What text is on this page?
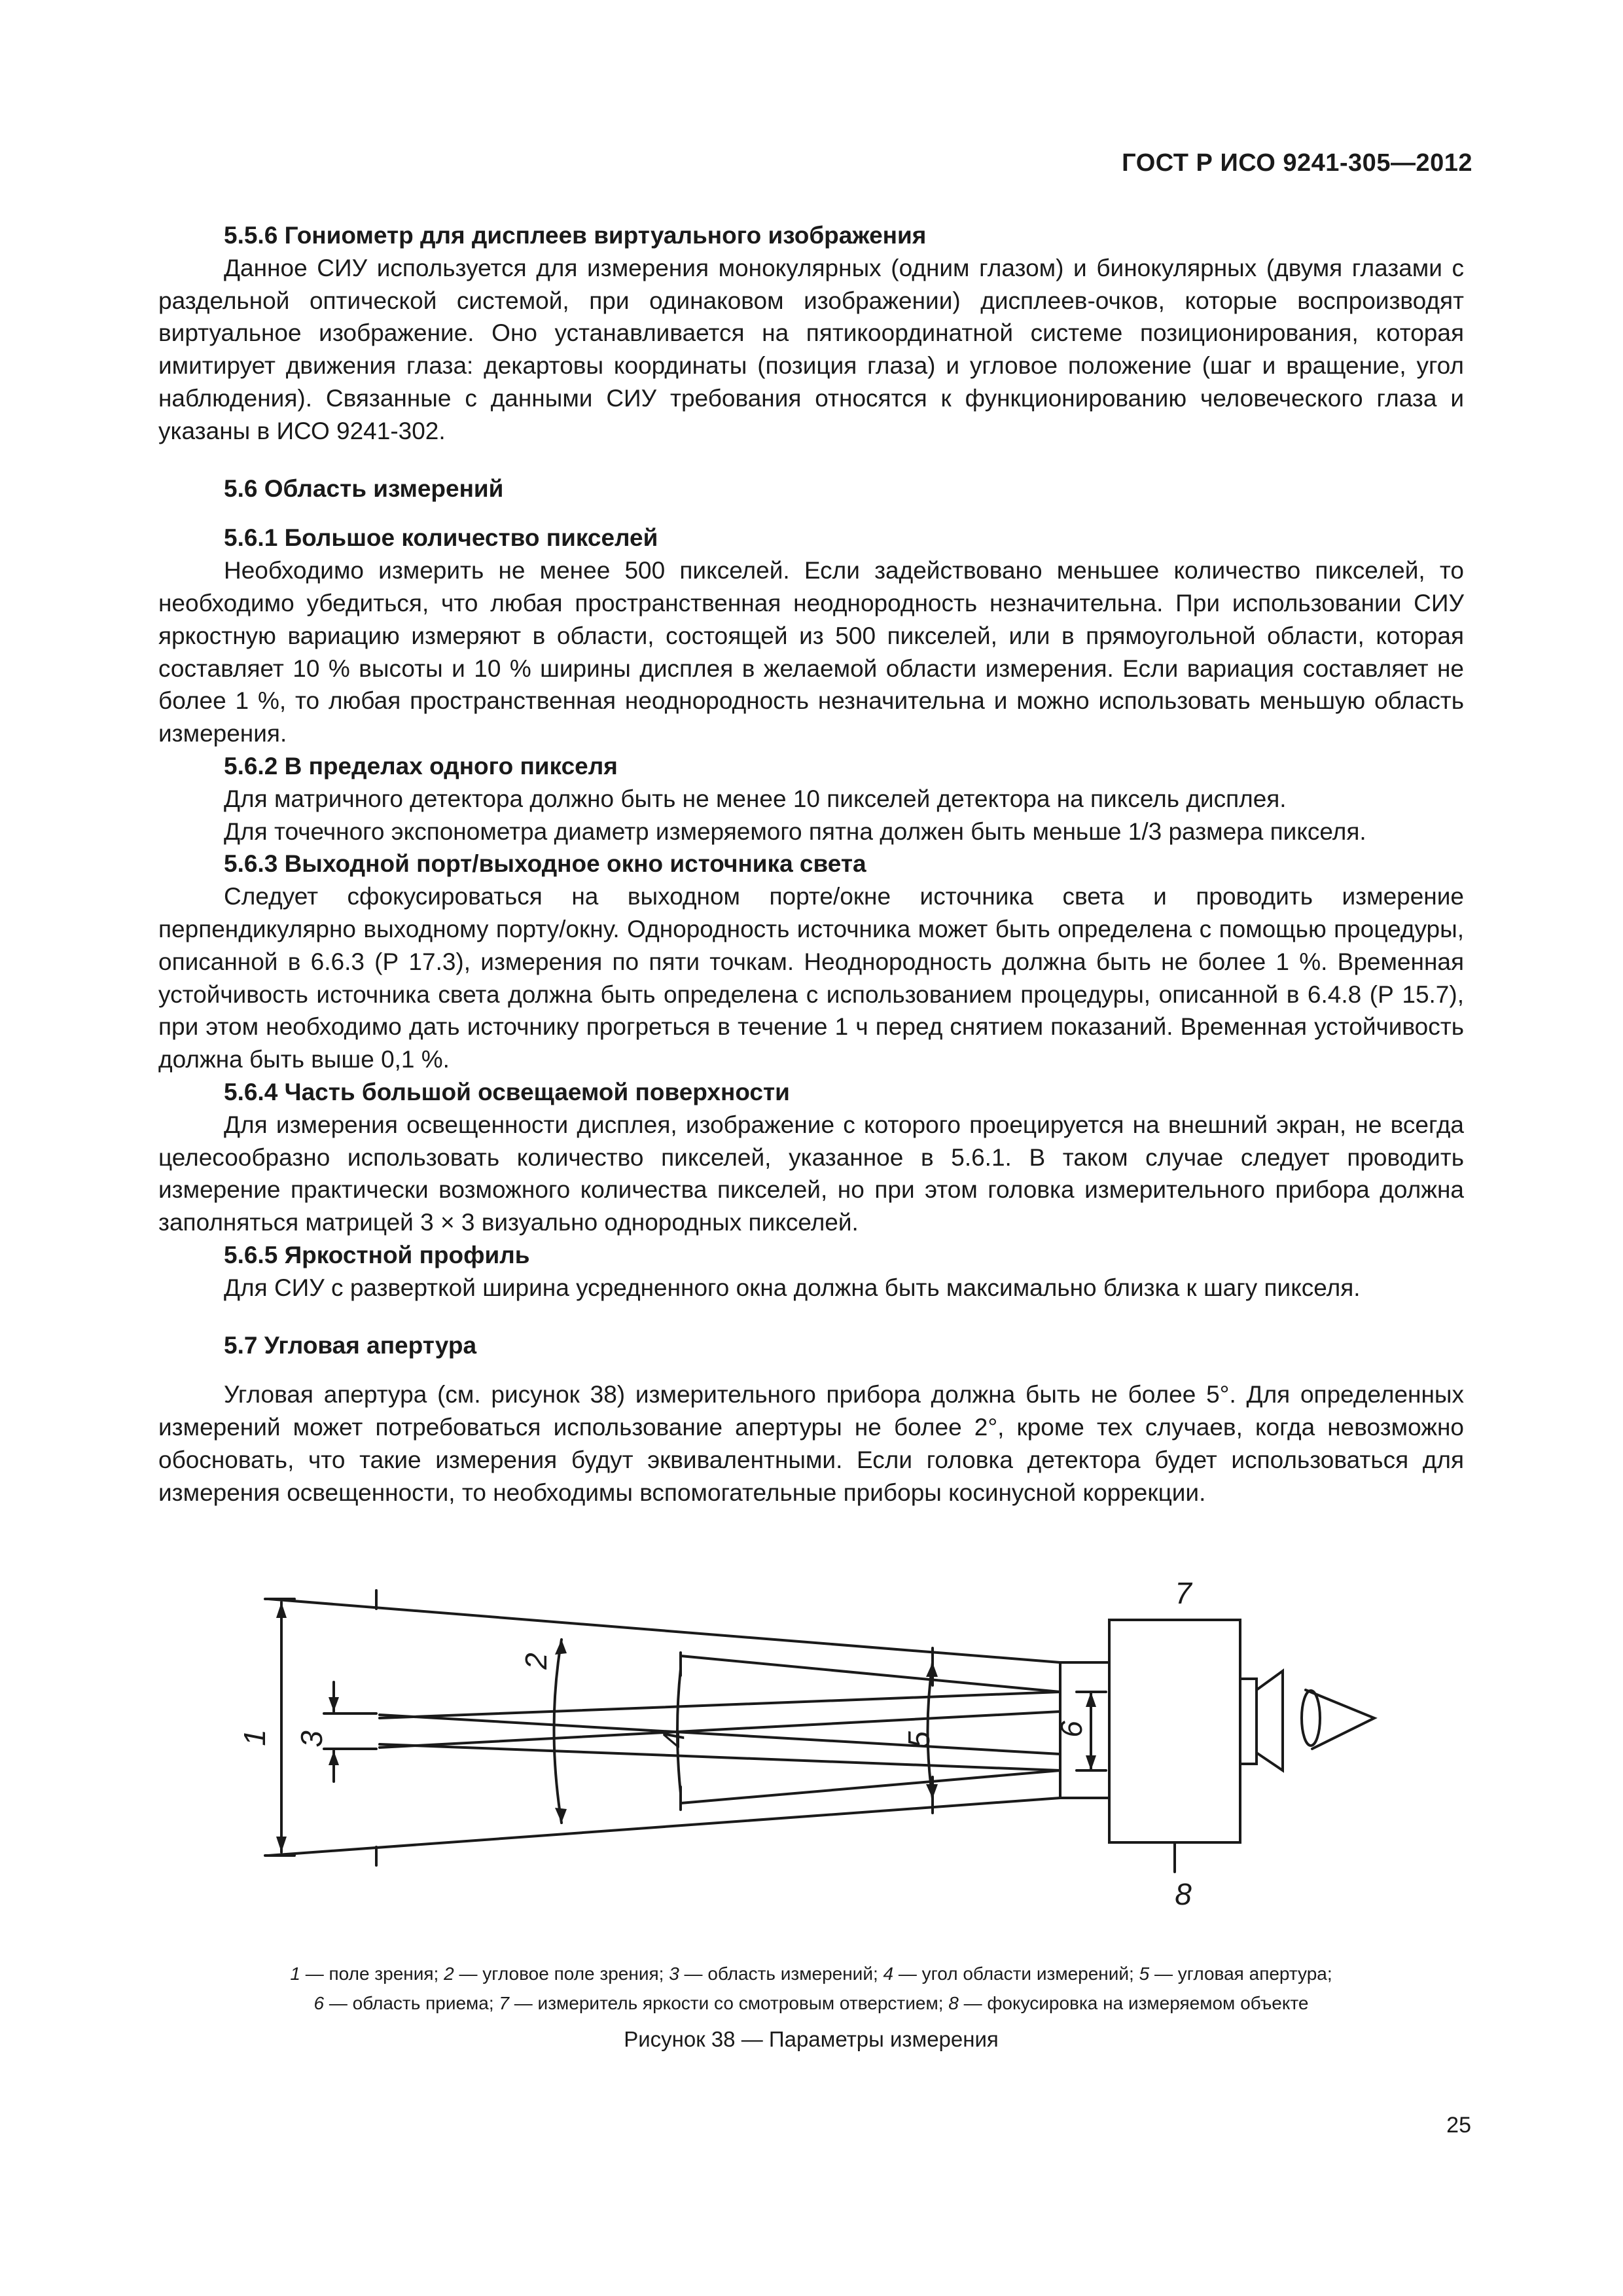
ГОСТ Р ИСО 9241-305—2012

5.5.6 Гониометр для дисплеев виртуального изображения

Данное СИУ используется для измерения монокулярных (одним глазом) и бинокулярных (двумя глазами с раздельной оптической системой, при одинаковом изображении) дисплеев-очков, которые воспроизводят виртуальное изображение. Оно устанавливается на пятикоординатной системе позиционирования, которая имитирует движения глаза: декартовы координаты (позиция глаза) и угловое положение (шаг и вращение, угол наблюдения). Связанные с данными СИУ требования относятся к функционированию человеческого глаза и указаны в ИСО 9241-302.

5.6 Область измерений

5.6.1 Большое количество пикселей

Необходимо измерить не менее 500 пикселей. Если задействовано меньшее количество пикселей, то необходимо убедиться, что любая пространственная неоднородность незначительна. При использовании СИУ яркостную вариацию измеряют в области, состоящей из 500 пикселей, или в прямоугольной области, которая составляет 10 % высоты и 10 % ширины дисплея в желаемой области измерения. Если вариация составляет не более 1 %, то любая пространственная неоднородность незначительна и можно использовать меньшую область измерения.

5.6.2 В пределах одного пикселя

Для матричного детектора должно быть не менее 10 пикселей детектора на пиксель дисплея.

Для точечного экспонометра диаметр измеряемого пятна должен быть меньше 1/3 размера пикселя.

5.6.3 Выходной порт/выходное окно источника света

Следует сфокусироваться на выходном порте/окне источника света и проводить измерение перпендикулярно выходному порту/окну. Однородность источника может быть определена с помощью процедуры, описанной в 6.6.3 (Р 17.3), измерения по пяти точкам. Неоднородность должна быть не более 1 %. Временная устойчивость источника света должна быть определена с использованием процедуры, описанной в 6.4.8 (Р 15.7), при этом необходимо дать источнику прогреться в течение 1 ч перед снятием показаний. Временная устойчивость должна быть выше 0,1 %.

5.6.4 Часть большой освещаемой поверхности

Для измерения освещенности дисплея, изображение с которого проецируется на внешний экран, не всегда целесообразно использовать количество пикселей, указанное в 5.6.1. В таком случае следует проводить измерение практически возможного количества пикселей, но при этом головка измерительного прибора должна заполняться матрицей 3 × 3 визуально однородных пикселей.

5.6.5 Яркостной профиль

Для СИУ с разверткой ширина усредненного окна должна быть максимально близка к шагу пикселя.

5.7 Угловая апертура

Угловая апертура (см. рисунок 38) измерительного прибора должна быть не более 5°. Для определенных измерений может потребоваться использование апертуры не более 2°, кроме тех случаев, когда невозможно обосновать, что такие измерения будут эквивалентными. Если головка детектора будет использоваться для измерения освещенности, то необходимы вспомогательные приборы косинусной коррекции.

1
2
3	4	5
6
7
8
1 — поле зрения; 2 — угловое поле зрения; 3 — область измерений; 4 — угол области измерений; 5 — угловая апертура;
6 — область приема; 7 — измеритель яркости со смотровым отверстием; 8 — фокусировка на измеряемом объекте
Рисунок 38 — Параметры измерения
25
